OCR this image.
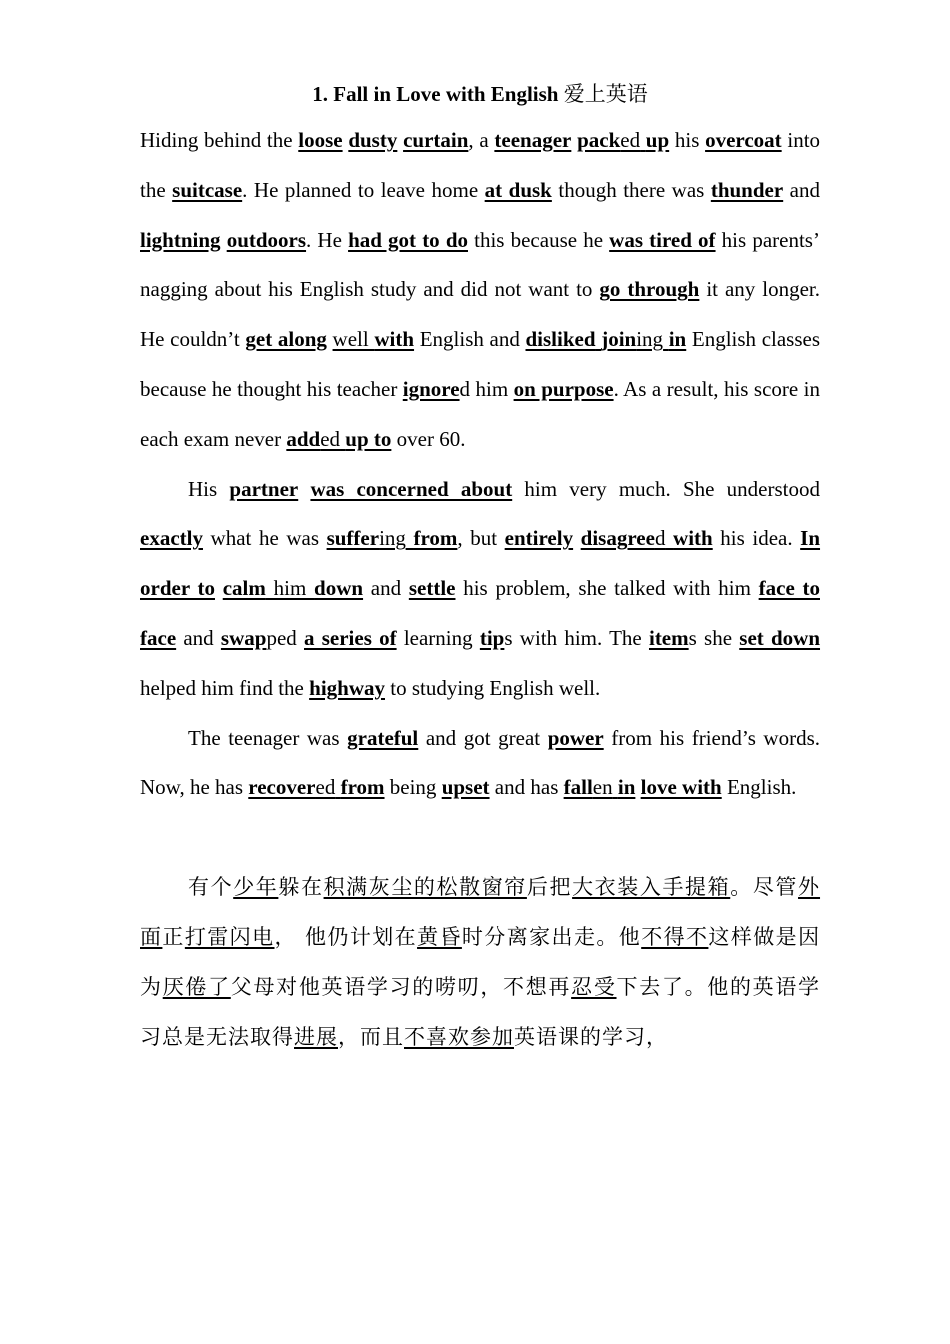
1. Fall in Love with English 爱上英语

Hiding behind the loose dusty curtain, a teenager packed up his overcoat into the suitcase. He planned to leave home at dusk though there was thunder and lightning outdoors. He had got to do this because he was tired of his parents’ nagging about his English study and did not want to go through it any longer. He couldn’t get along well with English and disliked joining in English classes because he thought his teacher ignored him on purpose. As a result, his score in each exam never added up to over 60.

His partner was concerned about him very much. She understood exactly what he was suffering from, but entirely disagreed with his idea. In order to calm him down and settle his problem, she talked with him face to face and swapped a series of learning tips with him. The items she set down helped him find the highway to studying English well.

The teenager was grateful and got great power from his friend’s words. Now, he has recovered from being upset and has fallen in love with English.

有个少年躲在积满灰尘的松散窗帘后把大衣装入手提箱。尽管外面正打雷闪电， 他仍计划在黄昏时分离家出走。他不得不这样做是因为厌倦了父母对他英语学习的唠叨，不想再忍受下去了。他的英语学习总是无法取得进展，而且不喜欢参加英语课的学习，
